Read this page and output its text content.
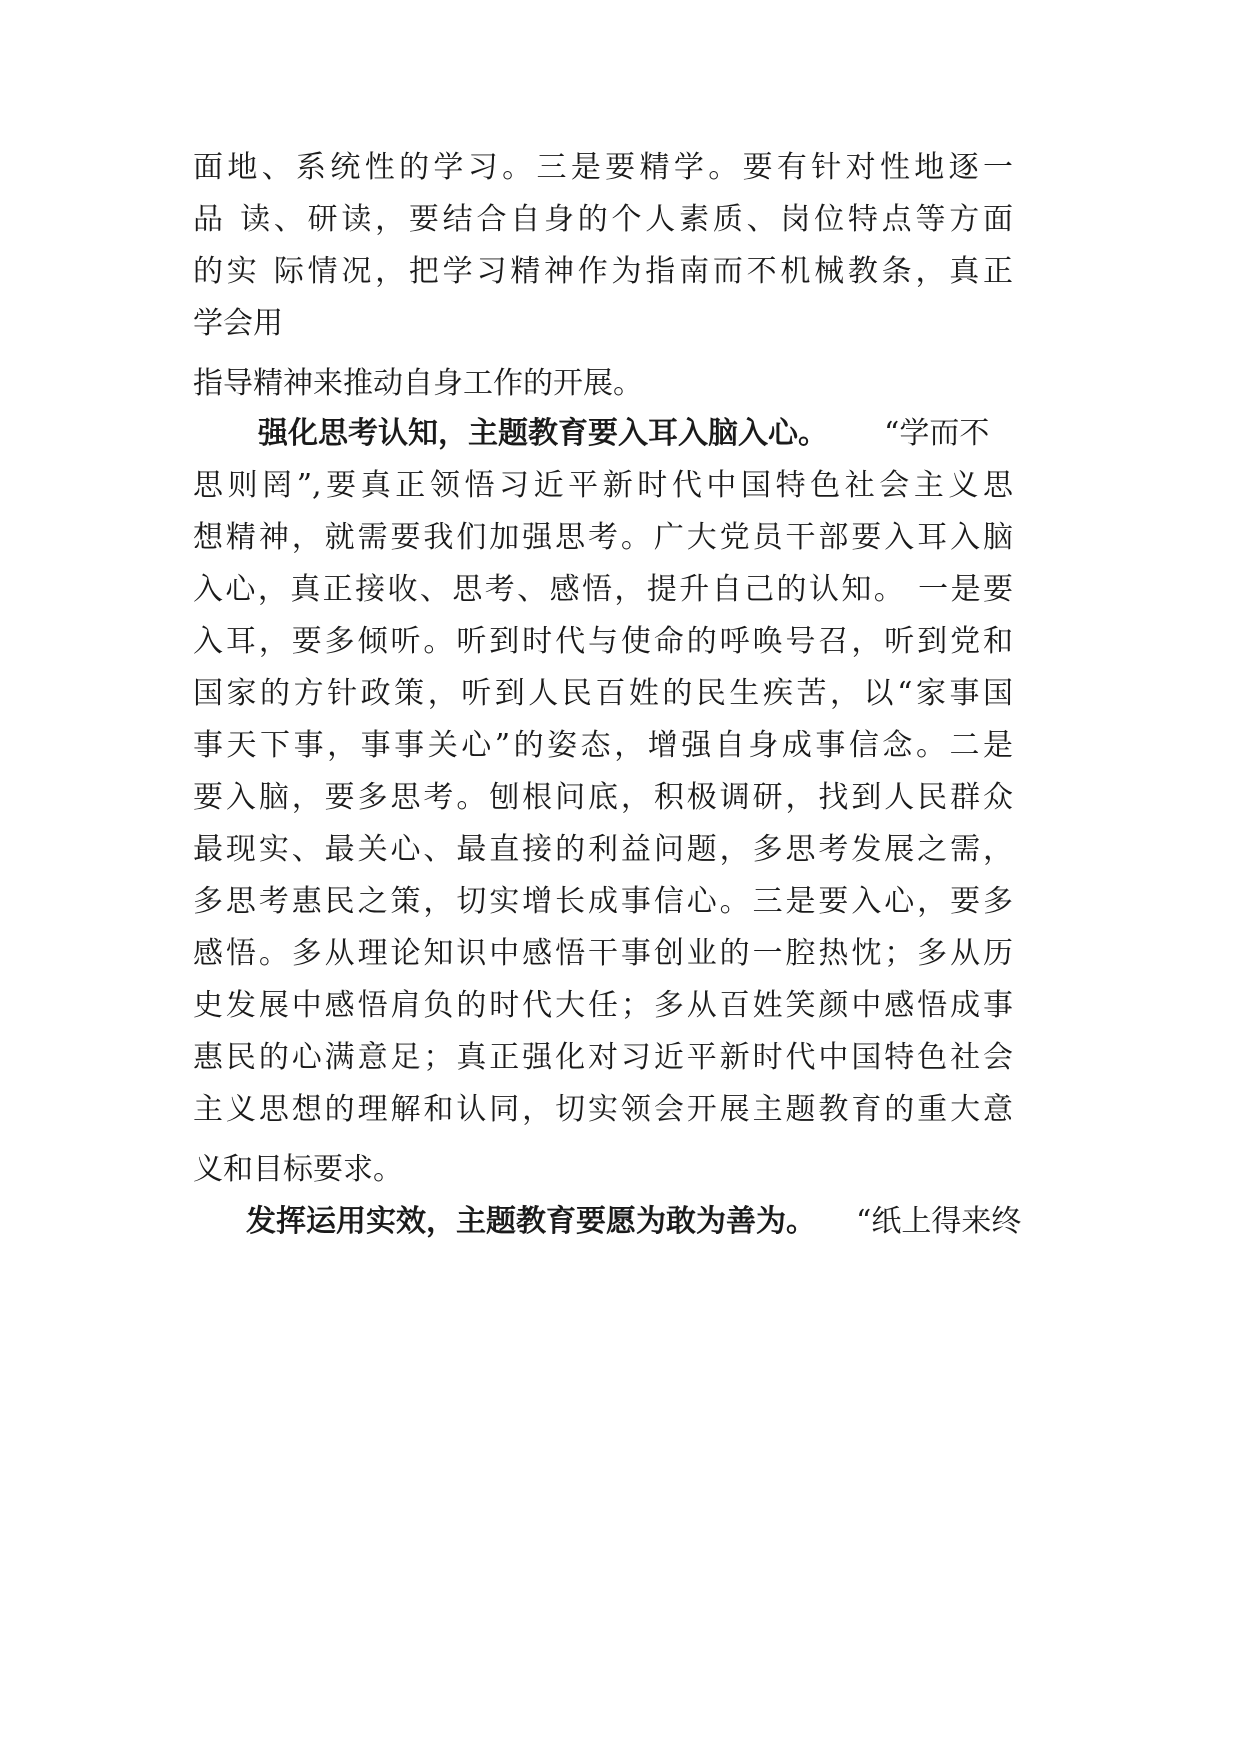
面地、系统性的学习。三是要精学。要有针对性地逐一

品 读、研读，要结合自身的个人素质、岗位特点等方面

的实 际情况，把学习精神作为指南而不机械教条，真正

学会用

指导精神来推动自身工作的开展。

强化思考认知，主题教育要入耳入脑入心。 “学而不

思则罔”,要真正领悟习近平新时代中国特色社会主义思

想精神，就需要我们加强思考。广大党员干部要入耳入脑

入心，真正接收、思考、感悟，提升自己的认知。 一是要

入耳，要多倾听。听到时代与使命的呼唤号召，听到党和

国家的方针政策，听到人民百姓的民生疾苦，以“家事国

事天下事，事事关心”的姿态，增强自身成事信念。二是

要入脑，要多思考。刨根问底，积极调研，找到人民群众

最现实、最关心、最直接的利益问题，多思考发展之需，

多思考惠民之策，切实增长成事信心。三是要入心，要多

感悟。多从理论知识中感悟干事创业的一腔热忱；多从历

史发展中感悟肩负的时代大任；多从百姓笑颜中感悟成事

惠民的心满意足；真正强化对习近平新时代中国特色社会

主义思想的理解和认同，切实领会开展主题教育的重大意

义和目标要求。

发挥运用实效，主题教育要愿为敢为善为。 “纸上得来终
